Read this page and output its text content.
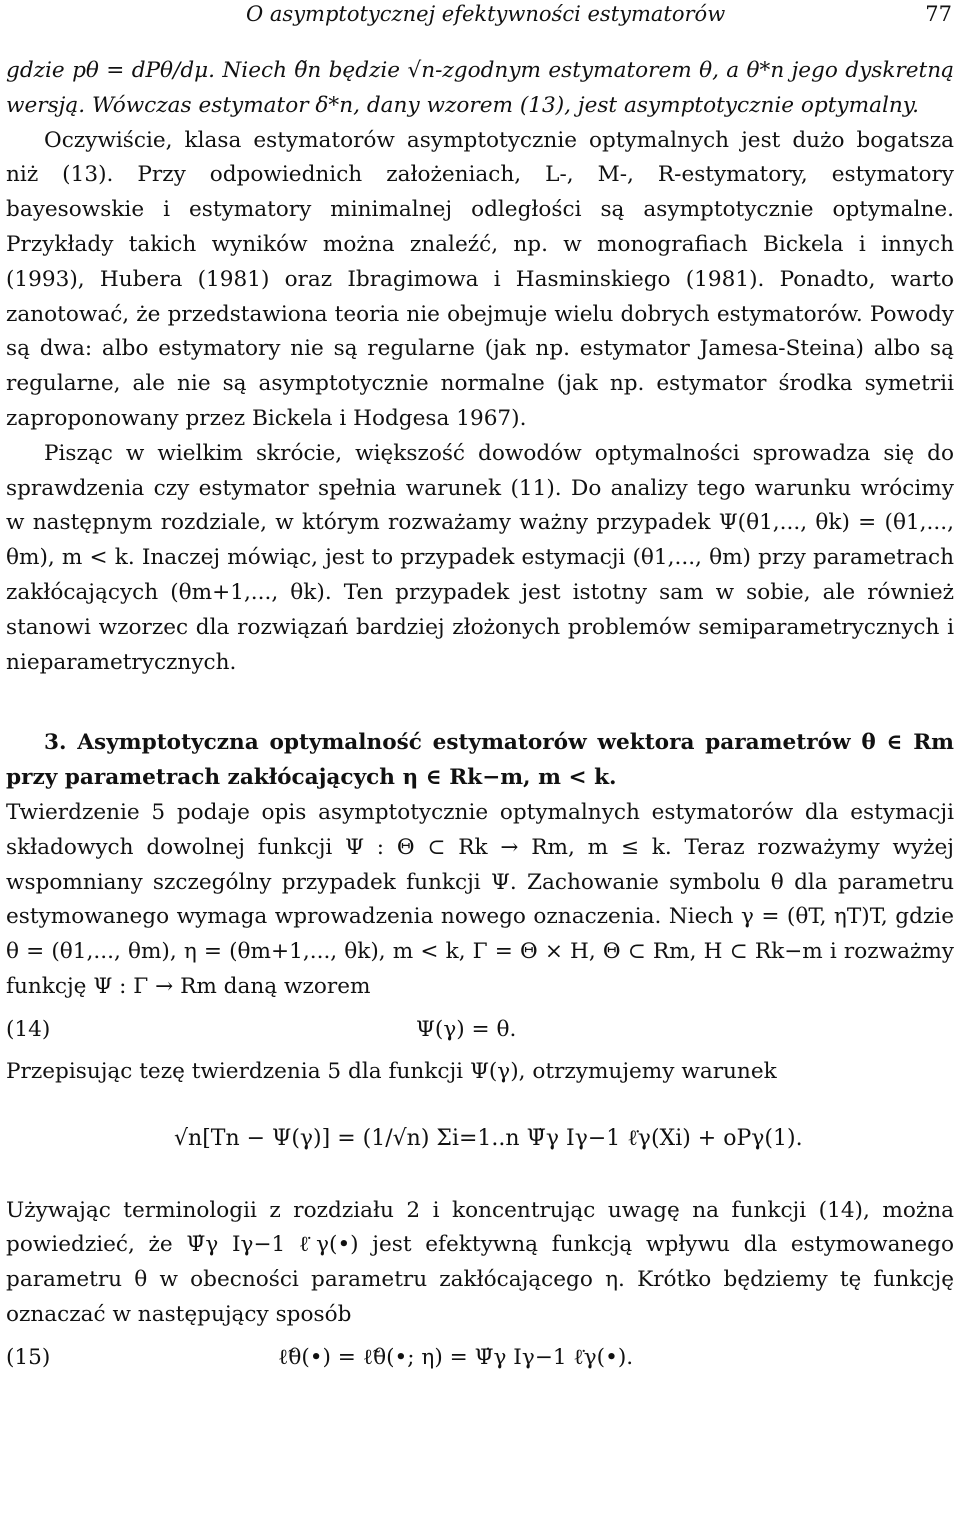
O asymptotycznej efektywności estymatorów	77

gdzie pθ = dPθ/dμ. Niech θ̃n będzie √n-zgodnym estymatorem θ, a θ*n jego dyskretną wersją. Wówczas estymator δ*n, dany wzorem (13), jest asymptotycznie optymalny.

Oczywiście, klasa estymatorów asymptotycznie optymalnych jest dużo bogatsza niż (13). Przy odpowiednich założeniach, L-, M-, R-estymatory, estymatory bayesowskie i estymatory minimalnej odległości są asymptotycznie optymalne. Przykłady takich wyników można znaleźć, np. w monografiach Bickela i innych (1993), Hubera (1981) oraz Ibragimowa i Hasminskiego (1981). Ponadto, warto zanotować, że przedstawiona teoria nie obejmuje wielu dobrych estymatorów. Powody są dwa: albo estymatory nie są regularne (jak np. estymator Jamesa-Steina) albo są regularne, ale nie są asymptotycznie normalne (jak np. estymator środka symetrii zaproponowany przez Bickela i Hodgesa 1967).

Pisząc w wielkim skrócie, większość dowodów optymalności sprowadza się do sprawdzenia czy estymator spełnia warunek (11). Do analizy tego warunku wrócimy w następnym rozdziale, w którym rozważamy ważny przypadek Ψ(θ1,..., θk) = (θ1,..., θm), m < k. Inaczej mówiąc, jest to przypadek estymacji (θ1,..., θm) przy parametrach zakłócających (θm+1,..., θk). Ten przypadek jest istotny sam w sobie, ale również stanowi wzorzec dla rozwiązań bardziej złożonych problemów semiparametrycznych i nieparametrycznych.

3. Asymptotyczna optymalność estymatorów wektora parametrów θ ∈ Rm przy parametrach zakłócających η ∈ Rk−m, m < k.

Twierdzenie 5 podaje opis asymptotycznie optymalnych estymatorów dla estymacji składowych dowolnej funkcji Ψ : Θ ⊂ Rk → Rm, m ≤ k. Teraz rozważymy wyżej wspomniany szczególny przypadek funkcji Ψ. Zachowanie symbolu θ dla parametru estymowanego wymaga wprowadzenia nowego oznaczenia. Niech γ = (θT, ηT)T, gdzie θ = (θ1,..., θm), η = (θm+1,..., θk), m < k, Γ = Θ × H, Θ ⊂ Rm, H ⊂ Rk−m i rozważmy funkcję Ψ : Γ → Rm daną wzorem

(14)	Ψ(γ) = θ.

Przepisując tezę twierdzenia 5 dla funkcji Ψ(γ), otrzymujemy warunek

√n[Tn − Ψ(γ)] = (1/√n) Σi=1..n Ψ̇γ Iγ−1 ℓ̇γ(Xi) + oPγ(1).

Używając terminologii z rozdziału 2 i koncentrując uwagę na funkcji (14), można powiedzieć, że Ψ̇γ Iγ−1 ℓ̇γ(•) jest efektywną funkcją wpływu dla estymowanego parametru θ w obecności parametru zakłócającego η. Krótko będziemy tę funkcję oznaczać w następujący sposób

(15)	ℓ̃θ(•) = ℓ̃θ(•; η) = Ψ̇γ Iγ−1 ℓ̇γ(•).
